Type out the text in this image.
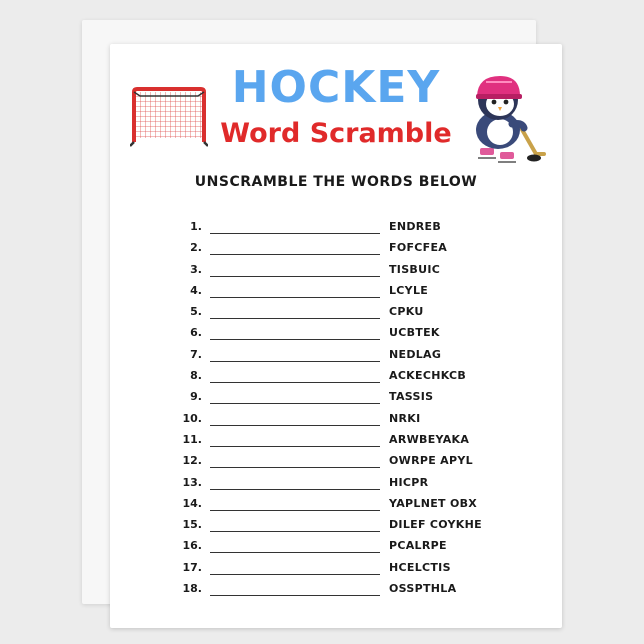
HOCKEY
Word Scramble
UNSCRAMBLE THE WORDS BELOW
1.	ENDREB
2.	FOFCFEA
3.	TISBUIC
4.	LCYLE
5.	CPKU
6.	UCBTEK
7.	NEDLAG
8.	ACKECHKCB
9.	TASSIS
10.	NRKI
11.	ARWBEYAKA
12.	OWRPE APYL
13.	HICPR
14.	YAPLNET OBX
15.	DILEF COYKHE
16.	PCALRPE
17.	HCELCTIS
18.	OSSPTHLA
